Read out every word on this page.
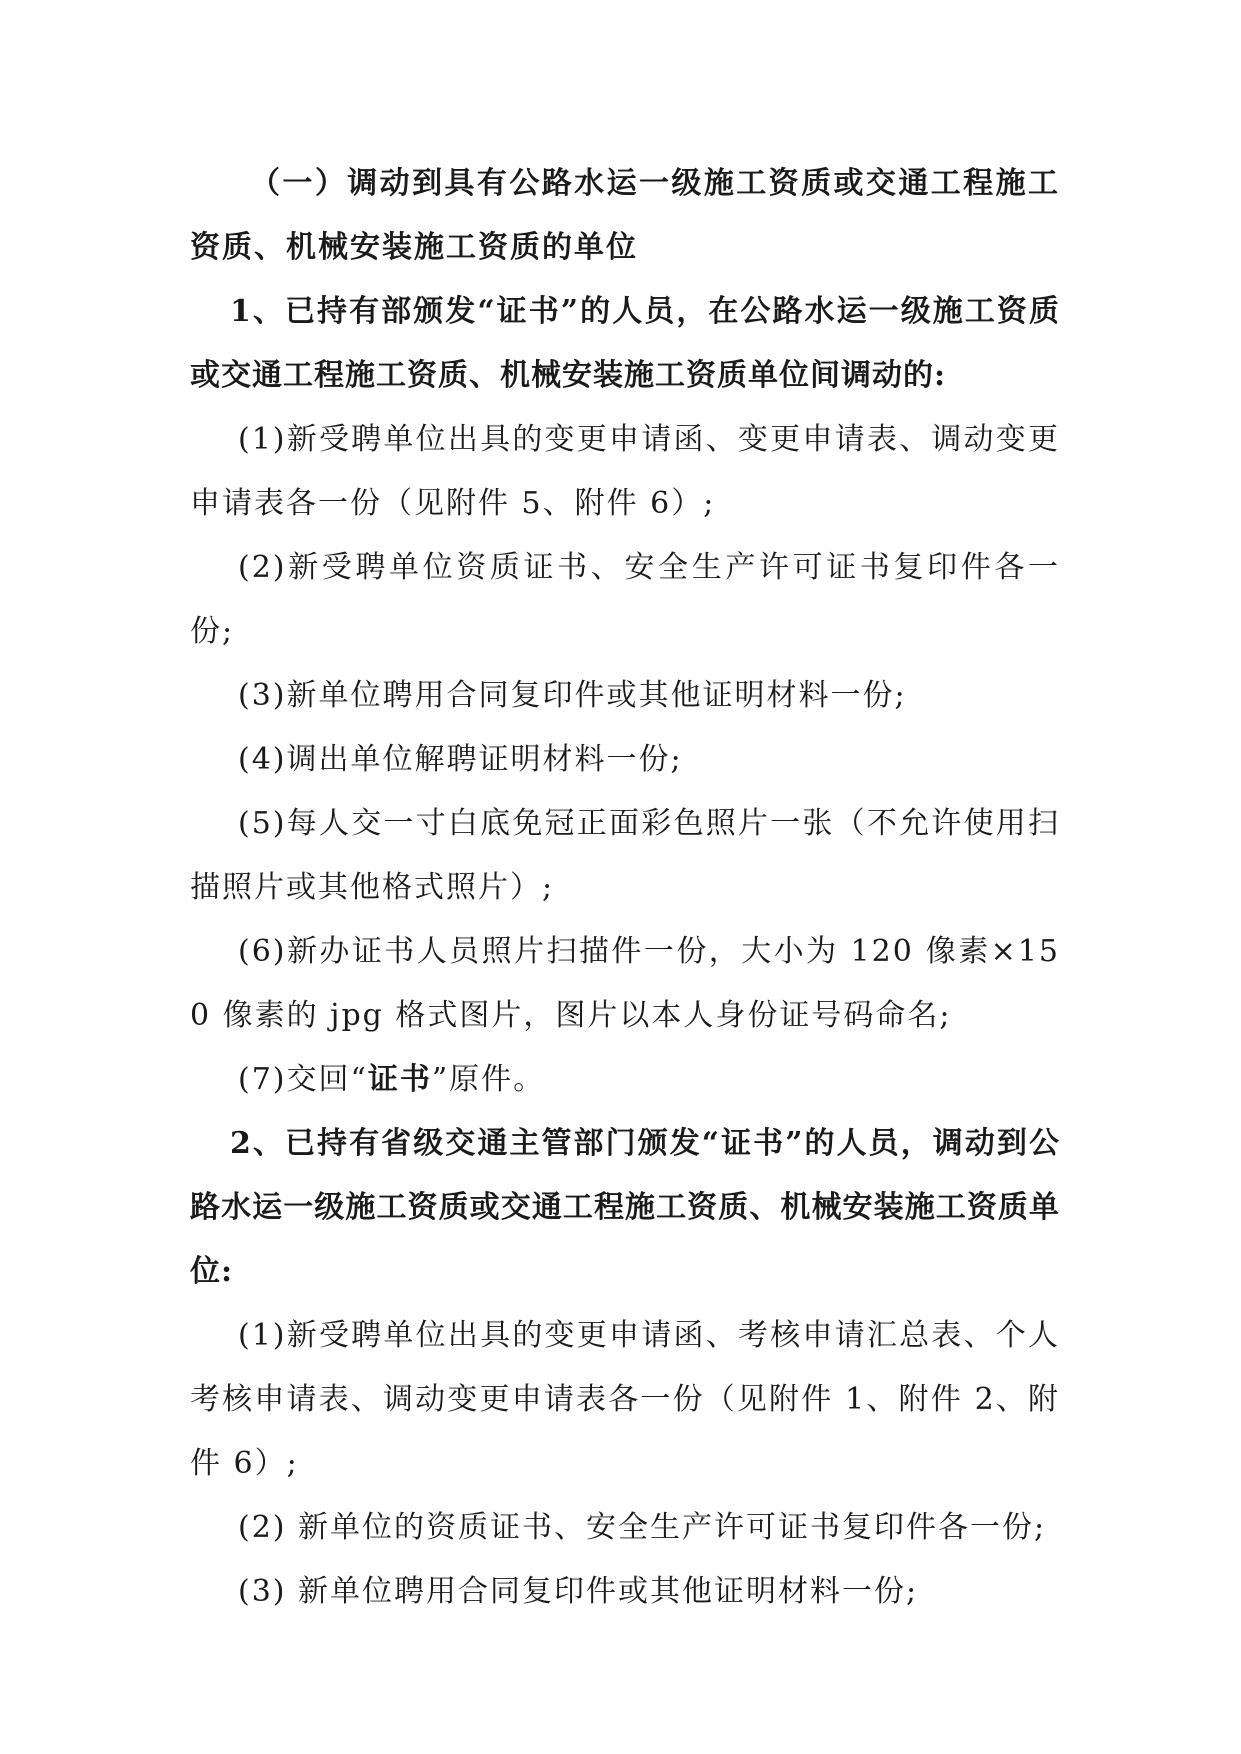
（一）调动到具有公路水运一级施工资质或交通工程施工资质、机械安装施工资质的单位

1、已持有部颁发“证书”的人员，在公路水运一级施工资质或交通工程施工资质、机械安装施工资质单位间调动的:

(1)新受聘单位出具的变更申请函、变更申请表、调动变更申请表各一份（见附件 5、附件 6）;

(2)新受聘单位资质证书、安全生产许可证书复印件各一份;

(3)新单位聘用合同复印件或其他证明材料一份;

(4)调出单位解聘证明材料一份;

(5)每人交一寸白底免冠正面彩色照片一张（不允许使用扫描照片或其他格式照片）;

(6)新办证书人员照片扫描件一份，大小为 120 像素×150 像素的 jpg 格式图片，图片以本人身份证号码命名;

(7)交回“证书”原件。

2、已持有省级交通主管部门颁发“证书”的人员，调动到公路水运一级施工资质或交通工程施工资质、机械安装施工资质单位:

(1)新受聘单位出具的变更申请函、考核申请汇总表、个人考核申请表、调动变更申请表各一份（见附件 1、附件 2、附件 6）;

(2) 新单位的资质证书、安全生产许可证书复印件各一份;

(3) 新单位聘用合同复印件或其他证明材料一份;
